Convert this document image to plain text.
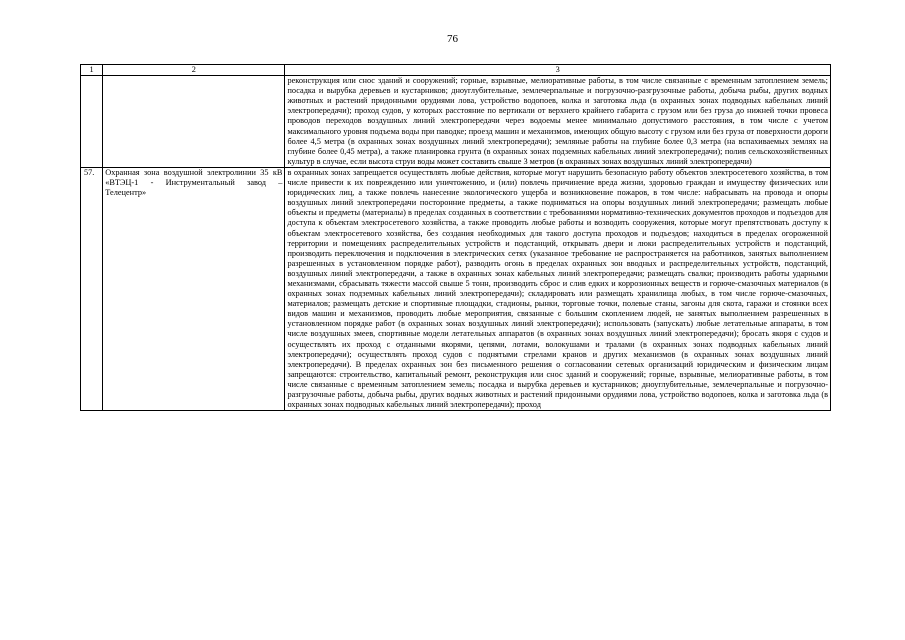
76
1	2	3
		реконструкция или снос зданий и сооружений; горные, взрывные, мелиоративные работы, в том числе связанные с временным затоплением земель; посадка и вырубка деревьев и кустарников; дноуглубительные, землечерпальные и погрузочно-разгрузочные работы, добыча рыбы, других водных животных и растений придонными орудиями лова, устройство водопоев, колка и заготовка льда (в охранных зонах подводных кабельных линий электропередачи); проход судов, у которых расстояние по вертикали от верхнего крайнего габарита с грузом или без груза до нижней точки провеса проводов переходов воздушных линий электропередачи через водоемы менее минимально допустимого расстояния, в том числе с учетом максимального уровня подъема воды при паводке; проезд машин и механизмов, имеющих общую высоту с грузом или без груза от поверхности дороги более 4,5 метра (в охранных зонах воздушных линий электропередачи); земляные работы на глубине более 0,3 метра (на вспахиваемых землях на глубине более 0,45 метра), а также планировка грунта (в охранных зонах подземных кабельных линий электропередачи); полив сельскохозяйственных культур в случае, если высота струи воды может составить свыше 3 метров (в охранных зонах воздушных линий электропередачи)
57.	Охранная зона воздушной электролинии 35 кВ «ВТЭЦ-1 - Инструментальный завод – Телецентр»	в охранных зонах запрещается осуществлять любые действия, которые могут нарушить безопасную работу объектов электросетевого хозяйства, в том числе привести к их повреждению или уничтожению, и (или) повлечь причинение вреда жизни, здоровью граждан и имуществу физических или юридических лиц, а также повлечь нанесение экологического ущерба и возникновение пожаров, в том числе: набрасывать на провода и опоры воздушных линий электропередачи посторонние предметы, а также подниматься на опоры воздушных линий электропередачи; размещать любые объекты и предметы (материалы) в пределах созданных в соответствии с требованиями нормативно-технических документов проходов и подъездов для доступа к объектам электросетевого хозяйства, а также проводить любые работы и возводить сооружения, которые могут препятствовать доступу к объектам электросетевого хозяйства, без создания необходимых для такого доступа проходов и подъездов; находиться в пределах огороженной территории и помещениях распределительных устройств и подстанций, открывать двери и люки распределительных устройств и подстанций, производить переключения и подключения в электрических сетях (указанное требование не распространяется на работников, занятых выполнением разрешенных в установленном порядке работ), разводить огонь в пределах охранных зон вводных и распределительных устройств, подстанций, воздушных линий электропередачи, а также в охранных зонах кабельных линий электропередачи; размещать свалки; производить работы ударными механизмами, сбрасывать тяжести массой свыше 5 тонн, производить сброс и слив едких и коррозионных веществ и горюче-смазочных материалов (в охранных зонах подземных кабельных линий электропередачи); складировать или размещать хранилища любых, в том числе горюче-смазочных, материалов; размещать детские и спортивные площадки, стадионы, рынки, торговые точки, полевые станы, загоны для скота, гаражи и стоянки всех видов машин и механизмов, проводить любые мероприятия, связанные с большим скоплением людей, не занятых выполнением разрешенных в установленном порядке работ (в охранных зонах воздушных линий электропередачи); использовать (запускать) любые летательные аппараты, в том числе воздушных змеев, спортивные модели летательных аппаратов (в охранных зонах воздушных линий электропередачи); бросать якоря с судов и осуществлять их проход с отданными якорями, цепями, лотами, волокушами и тралами (в охранных зонах подводных кабельных линий электропередачи); осуществлять проход судов с поднятыми стрелами кранов и других механизмов (в охранных зонах воздушных линий электропередачи). В пределах охранных зон без письменного решения о согласовании сетевых организаций юридическим и физическим лицам запрещаются: строительство, капитальный ремонт, реконструкция или снос зданий и сооружений; горные, взрывные, мелиоративные работы, в том числе связанные с временным затоплением земель; посадка и вырубка деревьев и кустарников; дноуглубительные, землечерпальные и погрузочно-разгрузочные работы, добыча рыбы, других водных животных и растений придонными орудиями лова, устройство водопоев, колка и заготовка льда (в охранных зонах подводных кабельных линий электропередачи); проход
